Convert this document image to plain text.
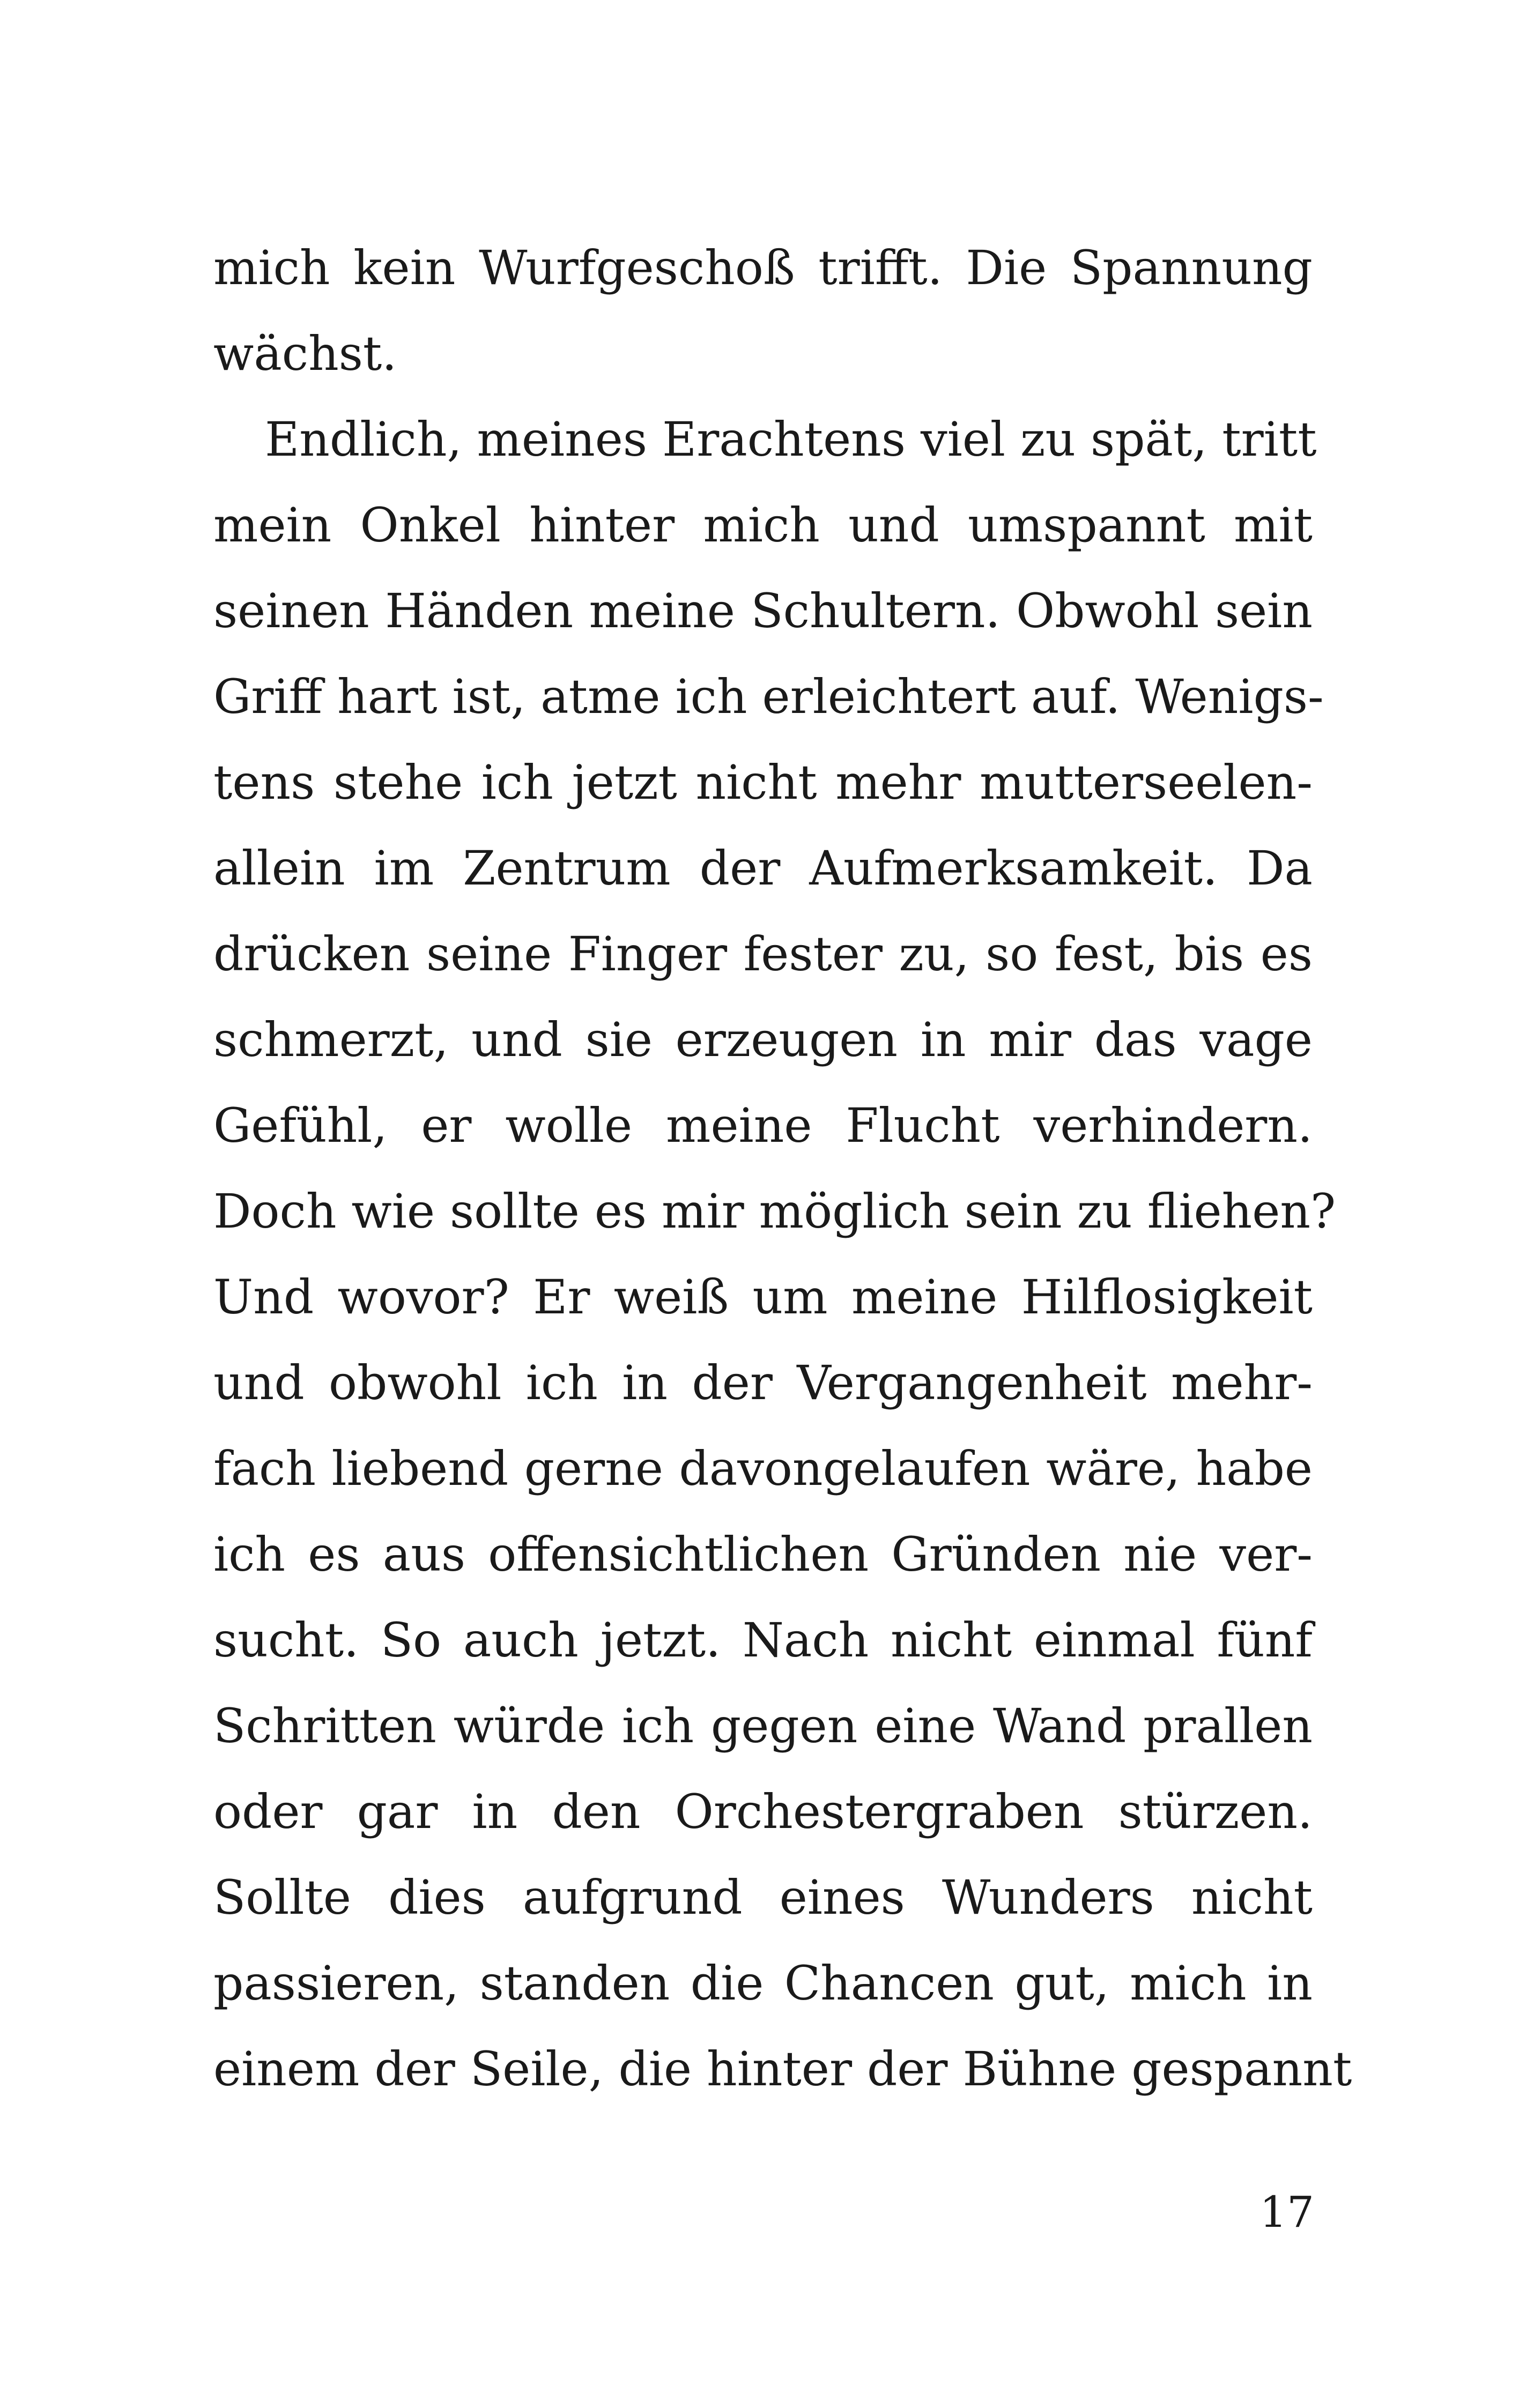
mich kein Wurfgeschoß trifft. Die Spannung
wächst.
Endlich, meines Erachtens viel zu spät, tritt
mein Onkel hinter mich und umspannt mit
seinen Händen meine Schultern. Obwohl sein
Griff hart ist, atme ich erleichtert auf. Wenigs-
tens stehe ich jetzt nicht mehr mutterseelen-
allein im Zentrum der Aufmerksamkeit. Da
drücken seine Finger fester zu, so fest, bis es
schmerzt, und sie erzeugen in mir das vage
Gefühl, er wolle meine Flucht verhindern.
Doch wie sollte es mir möglich sein zu fliehen?
Und wovor? Er weiß um meine Hilflosigkeit
und obwohl ich in der Vergangenheit mehr-
fach liebend gerne davongelaufen wäre, habe
ich es aus offensichtlichen Gründen nie ver-
sucht. So auch jetzt. Nach nicht einmal fünf
Schritten würde ich gegen eine Wand prallen
oder gar in den Orchestergraben stürzen.
Sollte dies aufgrund eines Wunders nicht
passieren, standen die Chancen gut, mich in
einem der Seile, die hinter der Bühne gespannt
17
